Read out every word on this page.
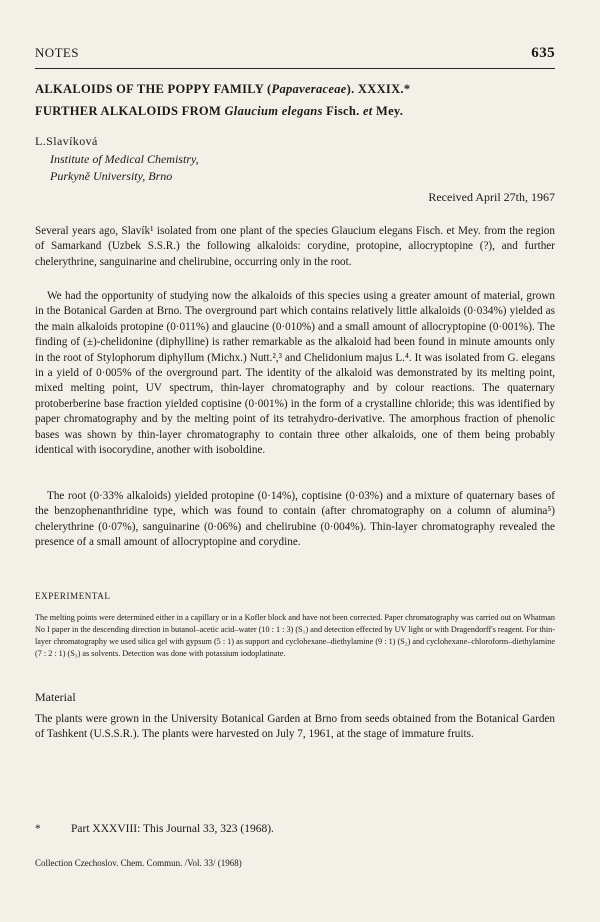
NOTES	635
ALKALOIDS OF THE POPPY FAMILY (Papaveraceae). XXXIX.*
FURTHER ALKALOIDS FROM Glaucium elegans Fisch. et Mey.
L.Slavíková
Institute of Medical Chemistry,
Purkyně University, Brno
Received April 27th, 1967

Several years ago, Slavík¹ isolated from one plant of the species Glaucium elegans Fisch. et Mey. from the region of Samarkand (Uzbek S.S.R.) the following alkaloids: corydine, protopine, allocryptopine (?), and further chelerythrine, sanguinarine and chelirubine, occurring only in the root.

We had the opportunity of studying now the alkaloids of this species using a greater amount of material, grown in the Botanical Garden at Brno. The overground part which contains relatively little alkaloids (0·034%) yielded as the main alkaloids protopine (0·011%) and glaucine (0·010%) and a small amount of allocryptopine (0·001%). The finding of (±)-chelidonine (diphylline) is rather remarkable as the alkaloid had been found in minute amounts only in the root of Stylophorum diphyllum (Michx.) Nutt.²,³ and Chelidonium majus L.⁴. It was isolated from G. elegans in a yield of 0·005% of the overground part. The identity of the alkaloid was demonstrated by its melting point, mixed melting point, UV spectrum, thin-layer chromatography and by colour reactions. The quaternary protoberberine base fraction yielded coptisine (0·001%) in the form of a crystalline chloride; this was identified by paper chromatography and by the melting point of its tetrahydro-derivative. The amorphous fraction of phenolic bases was shown by thin-layer chromatography to contain three other alkaloids, one of them being probably identical with isocorydine, another with isoboldine.

The root (0·33% alkaloids) yielded protopine (0·14%), coptisine (0·03%) and a mixture of quaternary bases of the benzophenanthridine type, which was found to contain (after chromatography on a column of alumina⁵) chelerythrine (0·07%), sanguinarine (0·06%) and chelirubine (0·004%). Thin-layer chromatography revealed the presence of a small amount of allocryptopine and corydine.

EXPERIMENTAL
The melting points were determined either in a capillary or in a Kofler block and have not been corrected. Paper chromatography was carried out on Whatman No I paper in the descending direction in butanol–acetic acid–water (10 : 1 : 3) (S₁) and detection effected by UV light or with Dragendorff's reagent. For thin-layer chromatography we used silica gel with gypsum (5 : 1) as support and cyclohexane–diethylamine (9 : 1) (S₂) and cyclohexane–chloroform–diethylamine (7 : 2 : 1) (S₃) as solvents. Detection was done with potassium iodoplatinate.
Material
The plants were grown in the University Botanical Garden at Brno from seeds obtained from the Botanical Garden of Tashkent (U.S.S.R.). The plants were harvested on July 7, 1961, at the stage of immature fruits.
*	Part XXXVIII: This Journal 33, 323 (1968).
Collection Czechoslov. Chem. Commun. /Vol. 33/ (1968)
